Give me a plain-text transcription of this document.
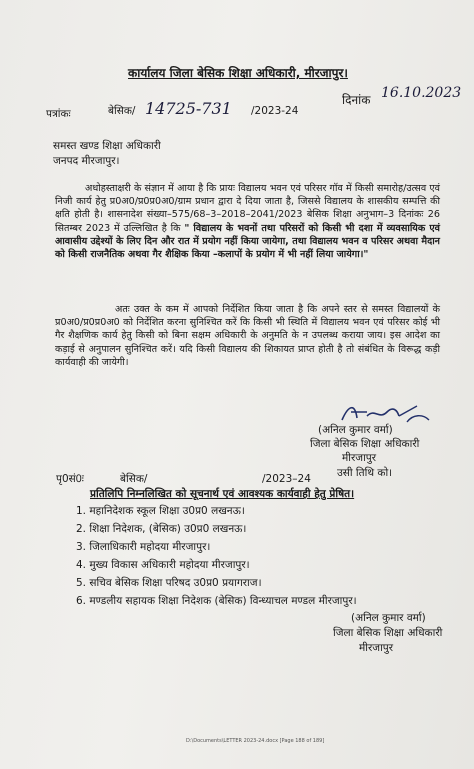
कार्यालय जिला बेसिक शिक्षा अधिकारी, मीरजापुर।
पत्रांकः	बेसिक/ 14725-731 /2023-24
दिनांक 16.10.2023
समस्त खण्ड शिक्षा अधिकारी
जनपद मीरजापुर।
अधोहस्ताक्षरी के संज्ञान में आया है कि प्रायः विद्यालय भवन एवं परिसर गॉव में किसी समारोह/उत्सव एवं निजी कार्य हेतु प्र0अ0/प्र0प्र0अ0/ग्राम प्रधान द्वारा दे दिया जाता है, जिससे विद्यालय के शासकीय सम्पत्ति की क्षति होती है। शासनादेश संख्या–575/68–3–2018–2041/2023 बेसिक शिक्षा अनुभाग–3 दिनांकः 26 सितम्बर 2023 में उल्लिखित है कि " विद्यालय के भवनों तथा परिसरों को किसी भी दशा में व्यवसायिक एवं आवासीय उद्देश्यों के लिए दिन और रात में प्रयोग नहीं किया जायेगा, तथा विद्यालय भवन व परिसर अथवा मैदान को किसी राजनैतिक अथवा गैर शैक्षिक किया –कलापों के प्रयोग में भी नहीं लिया जायेगा।"
अतः उक्त के कम में आपको निर्देशित किया जाता है कि अपने स्तर से समस्त विद्यालयों के प्र0अ0/प्र0प्र0अ0 को निर्देशित करना सुनिश्चित करें कि किसी भी स्थिति में विद्यालय भवन एवं परिसर कोई भी गैर शैक्षणिक कार्य हेतु किसी को बिना सक्षम अधिकारी के अनुमति के न उपलब्ध कराया जाय। इस आदेश का कड़ाई से अनुपालन सुनिश्चित करें। यदि किसी विद्यालय की शिकायत प्राप्त होती है तो संबंधित के विरूद्ध कड़ी कार्यवाही की जायेगी।
(अनिल कुमार वर्मा)
जिला बेसिक शिक्षा अधिकारी
मीरजापुर
पृ0सं0ः	बेसिक/	/2023–24 उसी तिथि को।
प्रतिलिपि निम्नलिखित को सूचनार्थ एवं आवश्यक कार्यवाही हेतु प्रेषित।
1. महानिदेशक स्कूल शिक्षा उ0प्र0 लखनऊ।
2. शिक्षा निदेशक, (बेसिक) उ0प्र0 लखनऊ।
3. जिलाधिकारी महोदया मीरजापुर।
4. मुख्य विकास अधिकारी महोदया मीरजापुर।
5. सचिव बेसिक शिक्षा परिषद उ0प्र0 प्रयागराज।
6. मण्डलीय सहायक शिक्षा निदेशक (बेसिक) विन्ध्याचल मण्डल मीरजापुर।
(अनिल कुमार वर्मा)
जिला बेसिक शिक्षा अधिकारी
मीरजापुर
D:\Documents\LETTER 2023-24.docx [Page 188 of 189]
